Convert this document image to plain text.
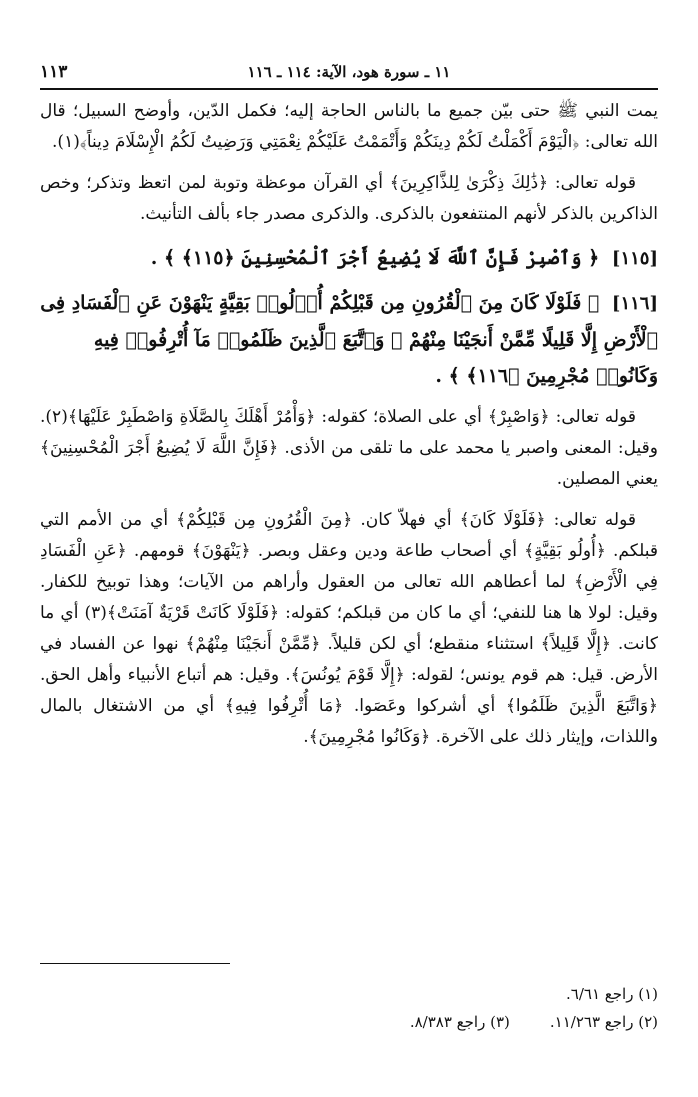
١١ ـ سورة هود، الآية: ١١٤ ـ ١١٦
١١٣

يمت النبي ﷺ حتى بيّن جميع ما بالناس الحاجة إليه؛ فكمل الدّين، وأوضح السبيل؛ قال الله تعالى: ﴿الْيَوْمَ أَكْمَلْتُ لَكُمْ دِينَكُمْ وَأَتْمَمْتُ عَلَيْكُمْ نِعْمَتِي وَرَضِيتُ لَكُمُ الْإِسْلَامَ دِيناً﴾(١).

قوله تعالى: ﴿ذَٰلِكَ ذِكْرَىٰ لِلذَّاكِرِينَ﴾ أي القرآن موعظة وتوبة لمن اتعظ وتذكر؛ وخص الذاكرين بالذكر لأنهم المنتفعون بالذكرى. والذكرى مصدر جاء بألف التأنيث.

[١١٥] ﴿ وَٱصْبِرْ فَإِنَّ ٱللَّهَ لَا يُضِيعُ أَجْرَ ٱلْمُحْسِنِينَ ﴿١١٥﴾ ﴾ .
[١١٦] ﴿ فَلَوْلَا كَانَ مِنَ ٱلْقُرُونِ مِن قَبْلِكُمْ أُو۟لُوا۟ بَقِيَّةٍ يَنْهَوْنَ عَنِ ٱلْفَسَادِ فِى ٱلْأَرْضِ إِلَّا قَلِيلًا مِّمَّنْ أَنجَيْنَا مِنْهُمْ ۗ وَٱتَّبَعَ ٱلَّذِينَ ظَلَمُوا۟ مَآ أُتْرِفُوا۟ فِيهِ وَكَانُوا۟ مُجْرِمِينَ ﴿١١٦﴾ ﴾ .

قوله تعالى: ﴿وَاصْبِرْ﴾ أي على الصلاة؛ كقوله: ﴿وَأْمُرْ أَهْلَكَ بِالصَّلَاةِ وَاصْطَبِرْ عَلَيْهَا﴾(٢). وقيل: المعنى واصبر يا محمد على ما تلقى من الأذى. ﴿فَإِنَّ اللَّهَ لَا يُضِيعُ أَجْرَ الْمُحْسِنِينَ﴾ يعني المصلين.

قوله تعالى: ﴿فَلَوْلَا كَانَ﴾ أي فهلاّ كان. ﴿مِنَ الْقُرُونِ مِن قَبْلِكُمْ﴾ أي من الأمم التي قبلكم. ﴿أُولُو بَقِيَّةٍ﴾ أي أصحاب طاعة ودين وعقل وبصر. ﴿يَنْهَوْنَ﴾ قومهم. ﴿عَنِ الْفَسَادِ فِي الْأَرْضِ﴾ لما أعطاهم الله تعالى من العقول وأراهم من الآيات؛ وهذا توبيخ للكفار. وقيل: لولا ها هنا للنفي؛ أي ما كان من قبلكم؛ كقوله: ﴿فَلَوْلَا كَانَتْ قَرْيَةٌ آمَنَتْ﴾(٣) أي ما كانت. ﴿إِلَّا قَلِيلاً﴾ استثناء منقطع؛ أي لكن قليلاً. ﴿مِّمَّنْ أَنجَيْنَا مِنْهُمْ﴾ نهوا عن الفساد في الأرض. قيل: هم قوم يونس؛ لقوله: ﴿إِلَّا قَوْمَ يُونُسَ﴾. وقيل: هم أتباع الأنبياء وأهل الحق. ﴿وَاتَّبَعَ الَّذِينَ ظَلَمُوا﴾ أي أشركوا وعَصَوا. ﴿مَا أُتْرِفُوا فِيهِ﴾ أي من الاشتغال بالمال واللذات، وإيثار ذلك على الآخرة. ﴿وَكَانُوا مُجْرِمِينَ﴾.

(١) راجع ٦/٦١.
(٢) راجع ١١/٢٦٣.
(٣) راجع ٨/٣٨٣.
